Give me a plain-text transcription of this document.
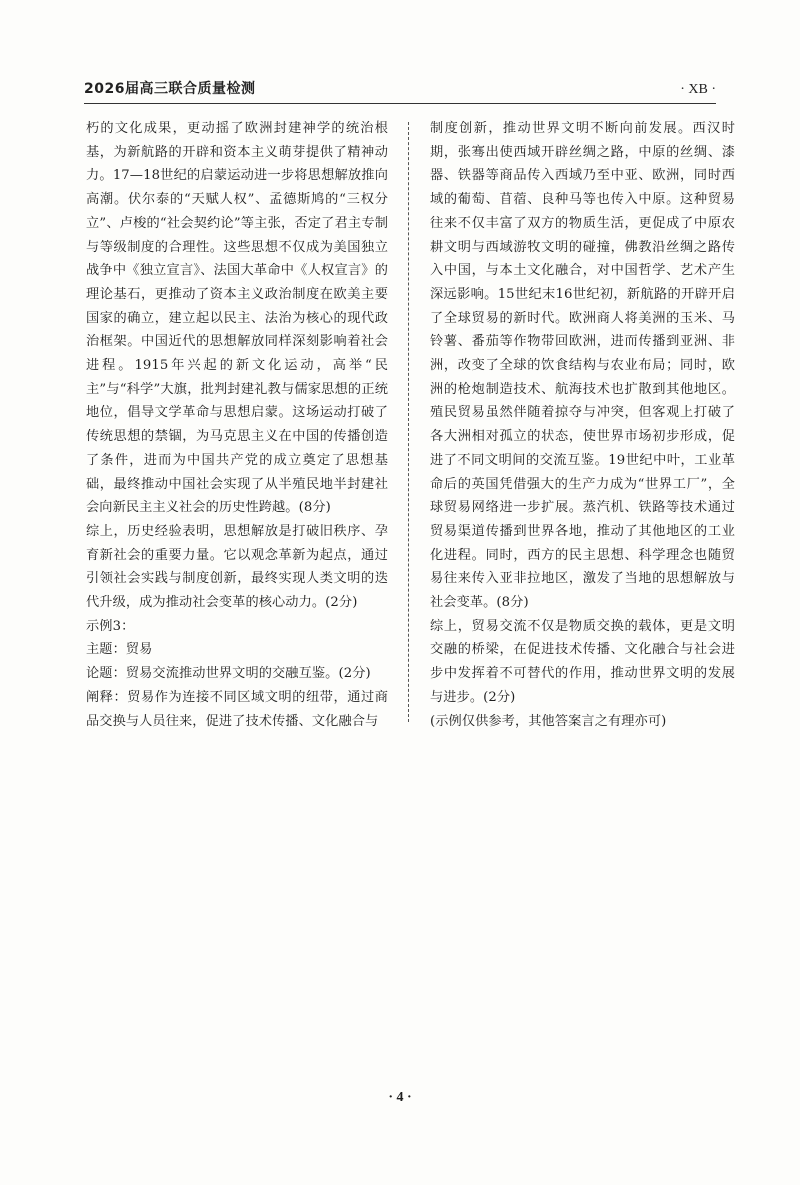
2026届高三联合质量检测	· XB ·

朽的文化成果，更动摇了欧洲封建神学的统治根基，为新航路的开辟和资本主义萌芽提供了精神动力。17—18世纪的启蒙运动进一步将思想解放推向高潮。伏尔泰的“天赋人权”、孟德斯鸠的“三权分立”、卢梭的“社会契约论”等主张，否定了君主专制与等级制度的合理性。这些思想不仅成为美国独立战争中《独立宣言》、法国大革命中《人权宣言》的理论基石，更推动了资本主义政治制度在欧美主要国家的确立，建立起以民主、法治为核心的现代政治框架。中国近代的思想解放同样深刻影响着社会进程。1915年兴起的新文化运动，高举“民主”与“科学”大旗，批判封建礼教与儒家思想的正统地位，倡导文学革命与思想启蒙。这场运动打破了传统思想的禁锢，为马克思主义在中国的传播创造了条件，进而为中国共产党的成立奠定了思想基础，最终推动中国社会实现了从半殖民地半封建社会向新民主主义社会的历史性跨越。(8分)

综上，历史经验表明，思想解放是打破旧秩序、孕育新社会的重要力量。它以观念革新为起点，通过引领社会实践与制度创新，最终实现人类文明的迭代升级，成为推动社会变革的核心动力。(2分)

示例3：

主题：贸易

论题：贸易交流推动世界文明的交融互鉴。(2分)

阐释：贸易作为连接不同区域文明的纽带，通过商品交换与人员往来，促进了技术传播、文化融合与

制度创新，推动世界文明不断向前发展。西汉时期，张骞出使西域开辟丝绸之路，中原的丝绸、漆器、铁器等商品传入西域乃至中亚、欧洲，同时西域的葡萄、苜蓿、良种马等也传入中原。这种贸易往来不仅丰富了双方的物质生活，更促成了中原农耕文明与西域游牧文明的碰撞，佛教沿丝绸之路传入中国，与本土文化融合，对中国哲学、艺术产生深远影响。15世纪末16世纪初，新航路的开辟开启了全球贸易的新时代。欧洲商人将美洲的玉米、马铃薯、番茄等作物带回欧洲，进而传播到亚洲、非洲，改变了全球的饮食结构与农业布局；同时，欧洲的枪炮制造技术、航海技术也扩散到其他地区。殖民贸易虽然伴随着掠夺与冲突，但客观上打破了各大洲相对孤立的状态，使世界市场初步形成，促进了不同文明间的交流互鉴。19世纪中叶，工业革命后的英国凭借强大的生产力成为“世界工厂”，全球贸易网络进一步扩展。蒸汽机、铁路等技术通过贸易渠道传播到世界各地，推动了其他地区的工业化进程。同时，西方的民主思想、科学理念也随贸易往来传入亚非拉地区，激发了当地的思想解放与社会变革。(8分)

综上，贸易交流不仅是物质交换的载体，更是文明交融的桥梁，在促进技术传播、文化融合与社会进步中发挥着不可替代的作用，推动世界文明的发展与进步。(2分)

(示例仅供参考，其他答案言之有理亦可)

· 4 ·
